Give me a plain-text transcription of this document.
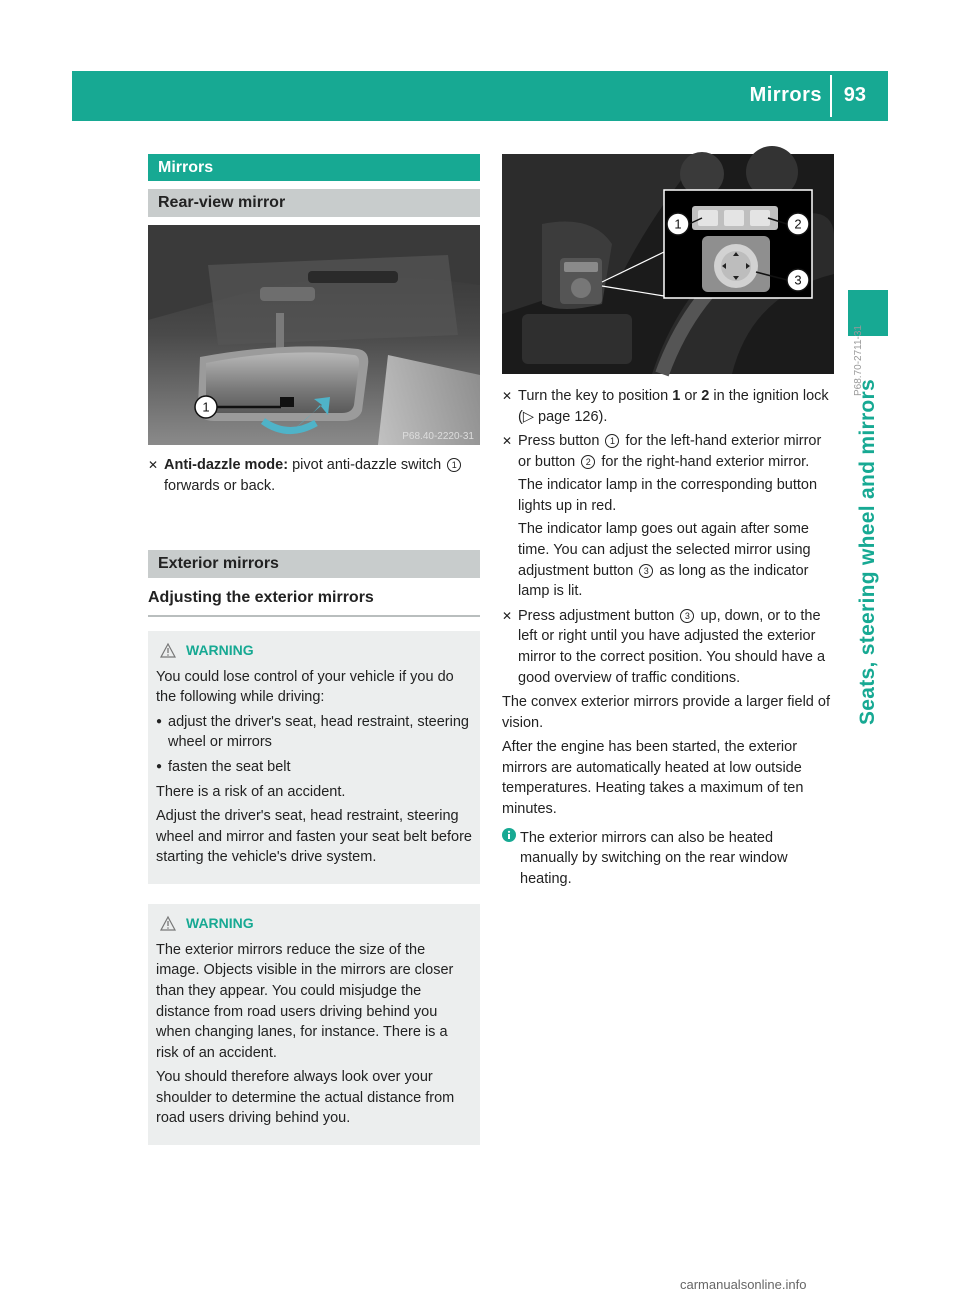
Mirrors 93
Seats, steering wheel and mirrors
Mirrors
Rear-view mirror
1
P68.40-2220-31
✕ Anti-dazzle mode: pivot anti-dazzle switch 1 forwards or back.
Exterior mirrors
Adjusting the exterior mirrors
WARNING

You could lose control of your vehicle if you do the following while driving:

● adjust the driver's seat, head restraint, steering wheel or mirrors
● fasten the seat belt

There is a risk of an accident.

Adjust the driver's seat, head restraint, steering wheel and mirror and fasten your seat belt before starting the vehicle's drive system.

WARNING

The exterior mirrors reduce the size of the image. Objects visible in the mirrors are closer than they appear. You could misjudge the distance from road users driving behind you when changing lanes, for instance. There is a risk of an accident.

You should therefore always look over your shoulder to determine the actual distance from road users driving behind you.

1	2
3
P68.70-2711-31
✕ Turn the key to position 1 or 2 in the ignition lock (▷ page 126).
✕ Press button 1 for the left-hand exterior mirror or button 2 for the right-hand exterior mirror.

The indicator lamp in the corresponding button lights up in red.

The indicator lamp goes out again after some time. You can adjust the selected mirror using adjustment button 3 as long as the indicator lamp is lit.

✕ Press adjustment button 3 up, down, or to the left or right until you have adjusted the exterior mirror to the correct position. You should have a good overview of traffic conditions.

The convex exterior mirrors provide a larger field of vision.

After the engine has been started, the exterior mirrors are automatically heated at low outside temperatures. Heating takes a maximum of ten minutes.

The exterior mirrors can also be heated manually by switching on the rear window heating.
carmanualsonline.info
